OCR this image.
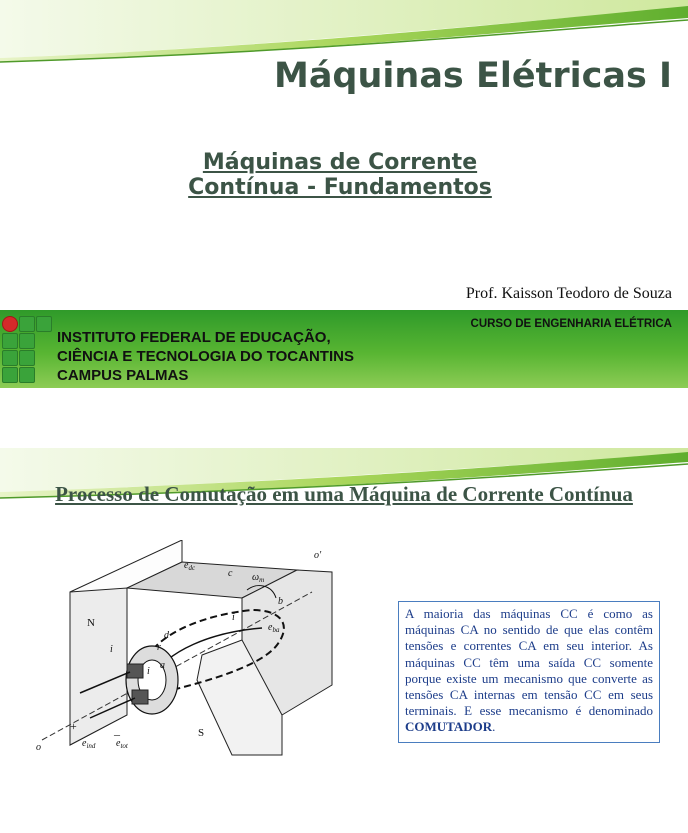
Máquinas Elétricas I
Máquinas de Corrente
Contínua - Fundamentos
Prof. Kaisson Teodoro de Souza
INSTITUTO FEDERAL DE EDUCAÇÃO,
CIÊNCIA E TECNOLOGIA DO TOCANTINS
CAMPUS PALMAS
CURSO DE ENGENHARIA ELÉTRICA
Processo de Comutação em uma Máquina de Corrente Contínua
$e_{dc}$	c $\omega_m$
o′
b
d
i
i
i
r
$e_{ba}$
a
+
–
o	$e_{ind}$ $e_{tot}$
N
S
A maioria das máquinas CC é como as máquinas CA no sentido de que elas contêm tensões e correntes CA em seu interior. As máquinas CC têm uma saída CC somente porque existe um mecanismo que converte as tensões CA internas em tensão CC em seus terminais. E esse mecanismo é denominado COMUTADOR.
